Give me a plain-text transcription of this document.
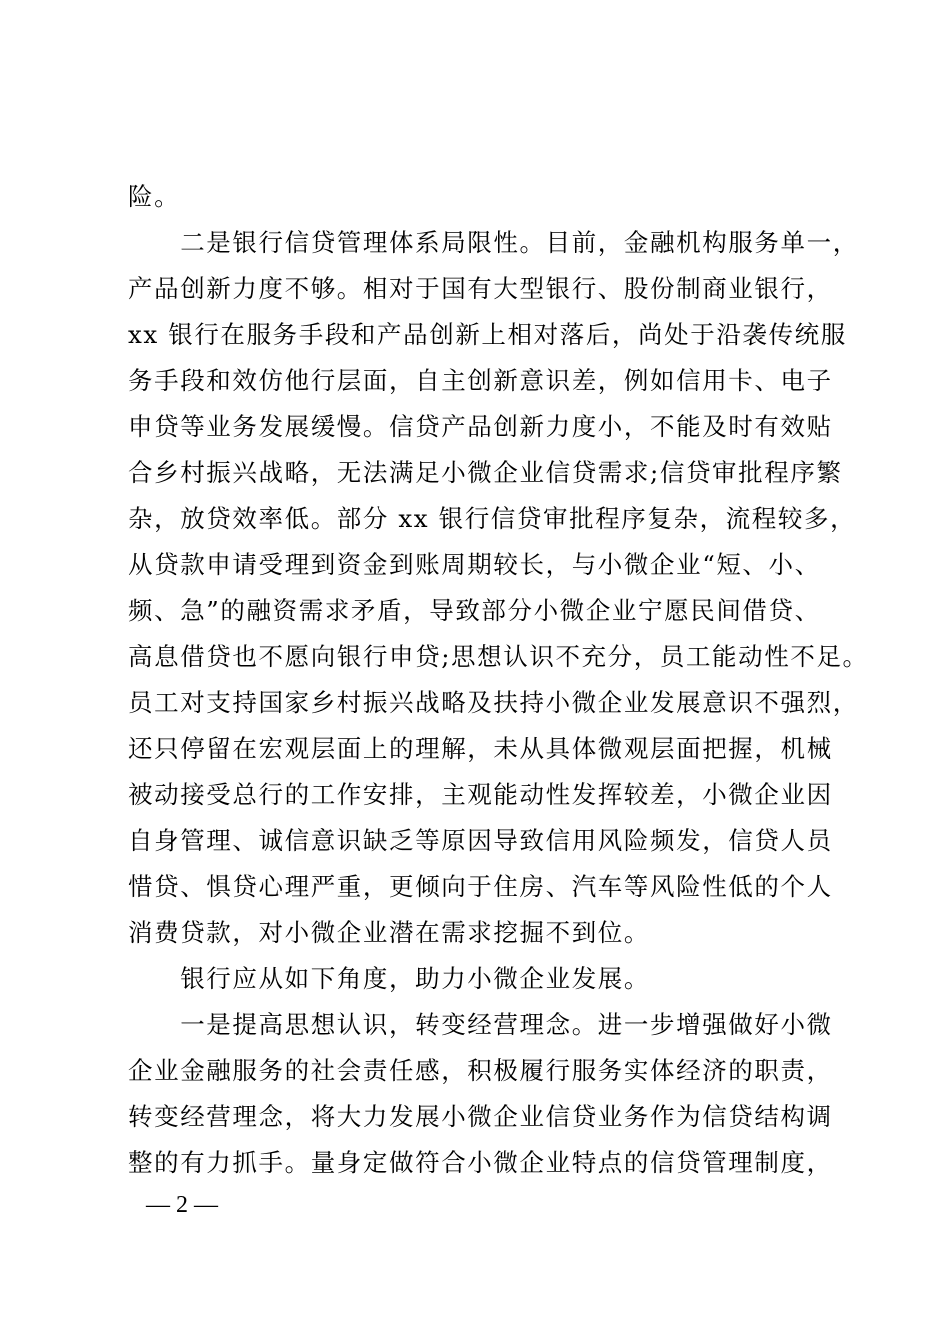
险。
　　二是银行信贷管理体系局限性。目前，金融机构服务单一，
产品创新力度不够。相对于国有大型银行、股份制商业银行，
xx 银行在服务手段和产品创新上相对落后，尚处于沿袭传统服
务手段和效仿他行层面，自主创新意识差，例如信用卡、电子
申贷等业务发展缓慢。信贷产品创新力度小，不能及时有效贴
合乡村振兴战略，无法满足小微企业信贷需求;信贷审批程序繁
杂，放贷效率低。部分 xx 银行信贷审批程序复杂，流程较多，
从贷款申请受理到资金到账周期较长，与小微企业“短、小、
频、急”的融资需求矛盾，导致部分小微企业宁愿民间借贷、
高息借贷也不愿向银行申贷;思想认识不充分，员工能动性不足。
员工对支持国家乡村振兴战略及扶持小微企业发展意识不强烈，
还只停留在宏观层面上的理解，未从具体微观层面把握，机械
被动接受总行的工作安排，主观能动性发挥较差，小微企业因
自身管理、诚信意识缺乏等原因导致信用风险频发，信贷人员
惜贷、惧贷心理严重，更倾向于住房、汽车等风险性低的个人
消费贷款，对小微企业潜在需求挖掘不到位。
　　银行应从如下角度，助力小微企业发展。
　　一是提高思想认识，转变经营理念。进一步增强做好小微
企业金融服务的社会责任感，积极履行服务实体经济的职责，
转变经营理念，将大力发展小微企业信贷业务作为信贷结构调
整的有力抓手。量身定做符合小微企业特点的信贷管理制度，
— 2 —
